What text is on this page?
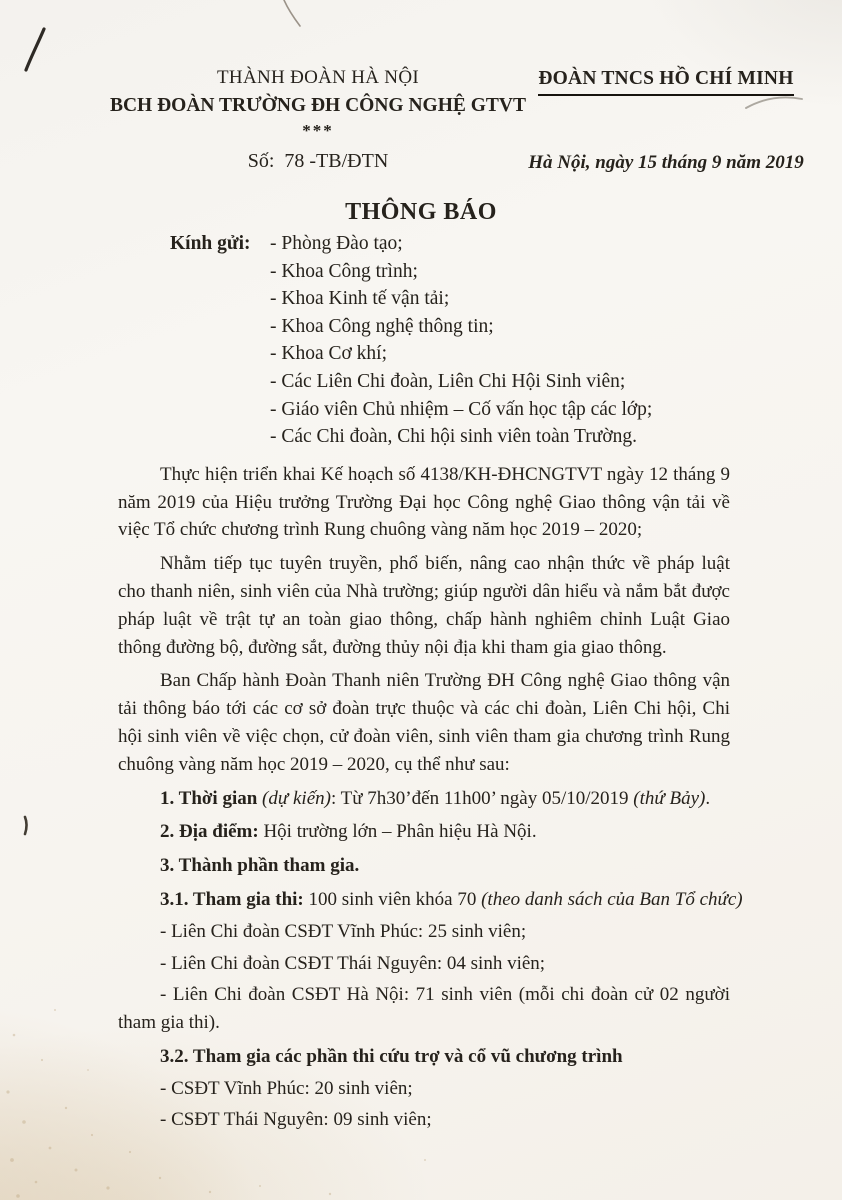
THÀNH ĐOÀN HÀ NỘI
BCH ĐOÀN TRƯỜNG ĐH CÔNG NGHỆ GTVT
***
Số:  78 -TB/ĐTN
ĐOÀN TNCS HỒ CHÍ MINH
Hà Nội, ngày 15 tháng 9 năm 2019
THÔNG BÁO
Kính gửi: - Phòng Đào tạo;
- Khoa Công trình;
- Khoa Kinh tế vận tải;
- Khoa Công nghệ thông tin;
- Khoa Cơ khí;
- Các Liên Chi đoàn, Liên Chi Hội Sinh viên;
- Giáo viên Chủ nhiệm – Cố vấn học tập các lớp;
- Các Chi đoàn, Chi hội sinh viên toàn Trường.

Thực hiện triển khai Kế hoạch số 4138/KH-ĐHCNGTVT ngày 12 tháng 9 năm 2019 của Hiệu trưởng Trường Đại học Công nghệ Giao thông vận tải về việc Tổ chức chương trình Rung chuông vàng năm học 2019 – 2020;

Nhằm tiếp tục tuyên truyền, phổ biến, nâng cao nhận thức về pháp luật cho thanh niên, sinh viên của Nhà trường; giúp người dân hiểu và nắm bắt được pháp luật về trật tự an toàn giao thông, chấp hành nghiêm chỉnh Luật Giao thông đường bộ, đường sắt, đường thủy nội địa khi tham gia giao thông.

Ban Chấp hành Đoàn Thanh niên Trường ĐH Công nghệ Giao thông vận tải thông báo tới các cơ sở đoàn trực thuộc và các chi đoàn, Liên Chi hội, Chi hội sinh viên về việc chọn, cử đoàn viên, sinh viên tham gia chương trình Rung chuông vàng năm học 2019 – 2020, cụ thể như sau:

1. Thời gian (dự kiến): Từ 7h30’đến 11h00’ ngày 05/10/2019 (thứ Bảy).

2. Địa điểm: Hội trường lớn – Phân hiệu Hà Nội.

3. Thành phần tham gia.

3.1. Tham gia thi: 100 sinh viên khóa 70 (theo danh sách của Ban Tổ chức)

- Liên Chi đoàn CSĐT Vĩnh Phúc: 25 sinh viên;

- Liên Chi đoàn CSĐT Thái Nguyên: 04 sinh viên;

- Liên Chi đoàn CSĐT Hà Nội: 71 sinh viên (mỗi chi đoàn cử 02 người tham gia thi).

3.2. Tham gia các phần thi cứu trợ và cổ vũ chương trình

- CSĐT Vĩnh Phúc: 20 sinh viên;

- CSĐT Thái Nguyên: 09 sinh viên;
